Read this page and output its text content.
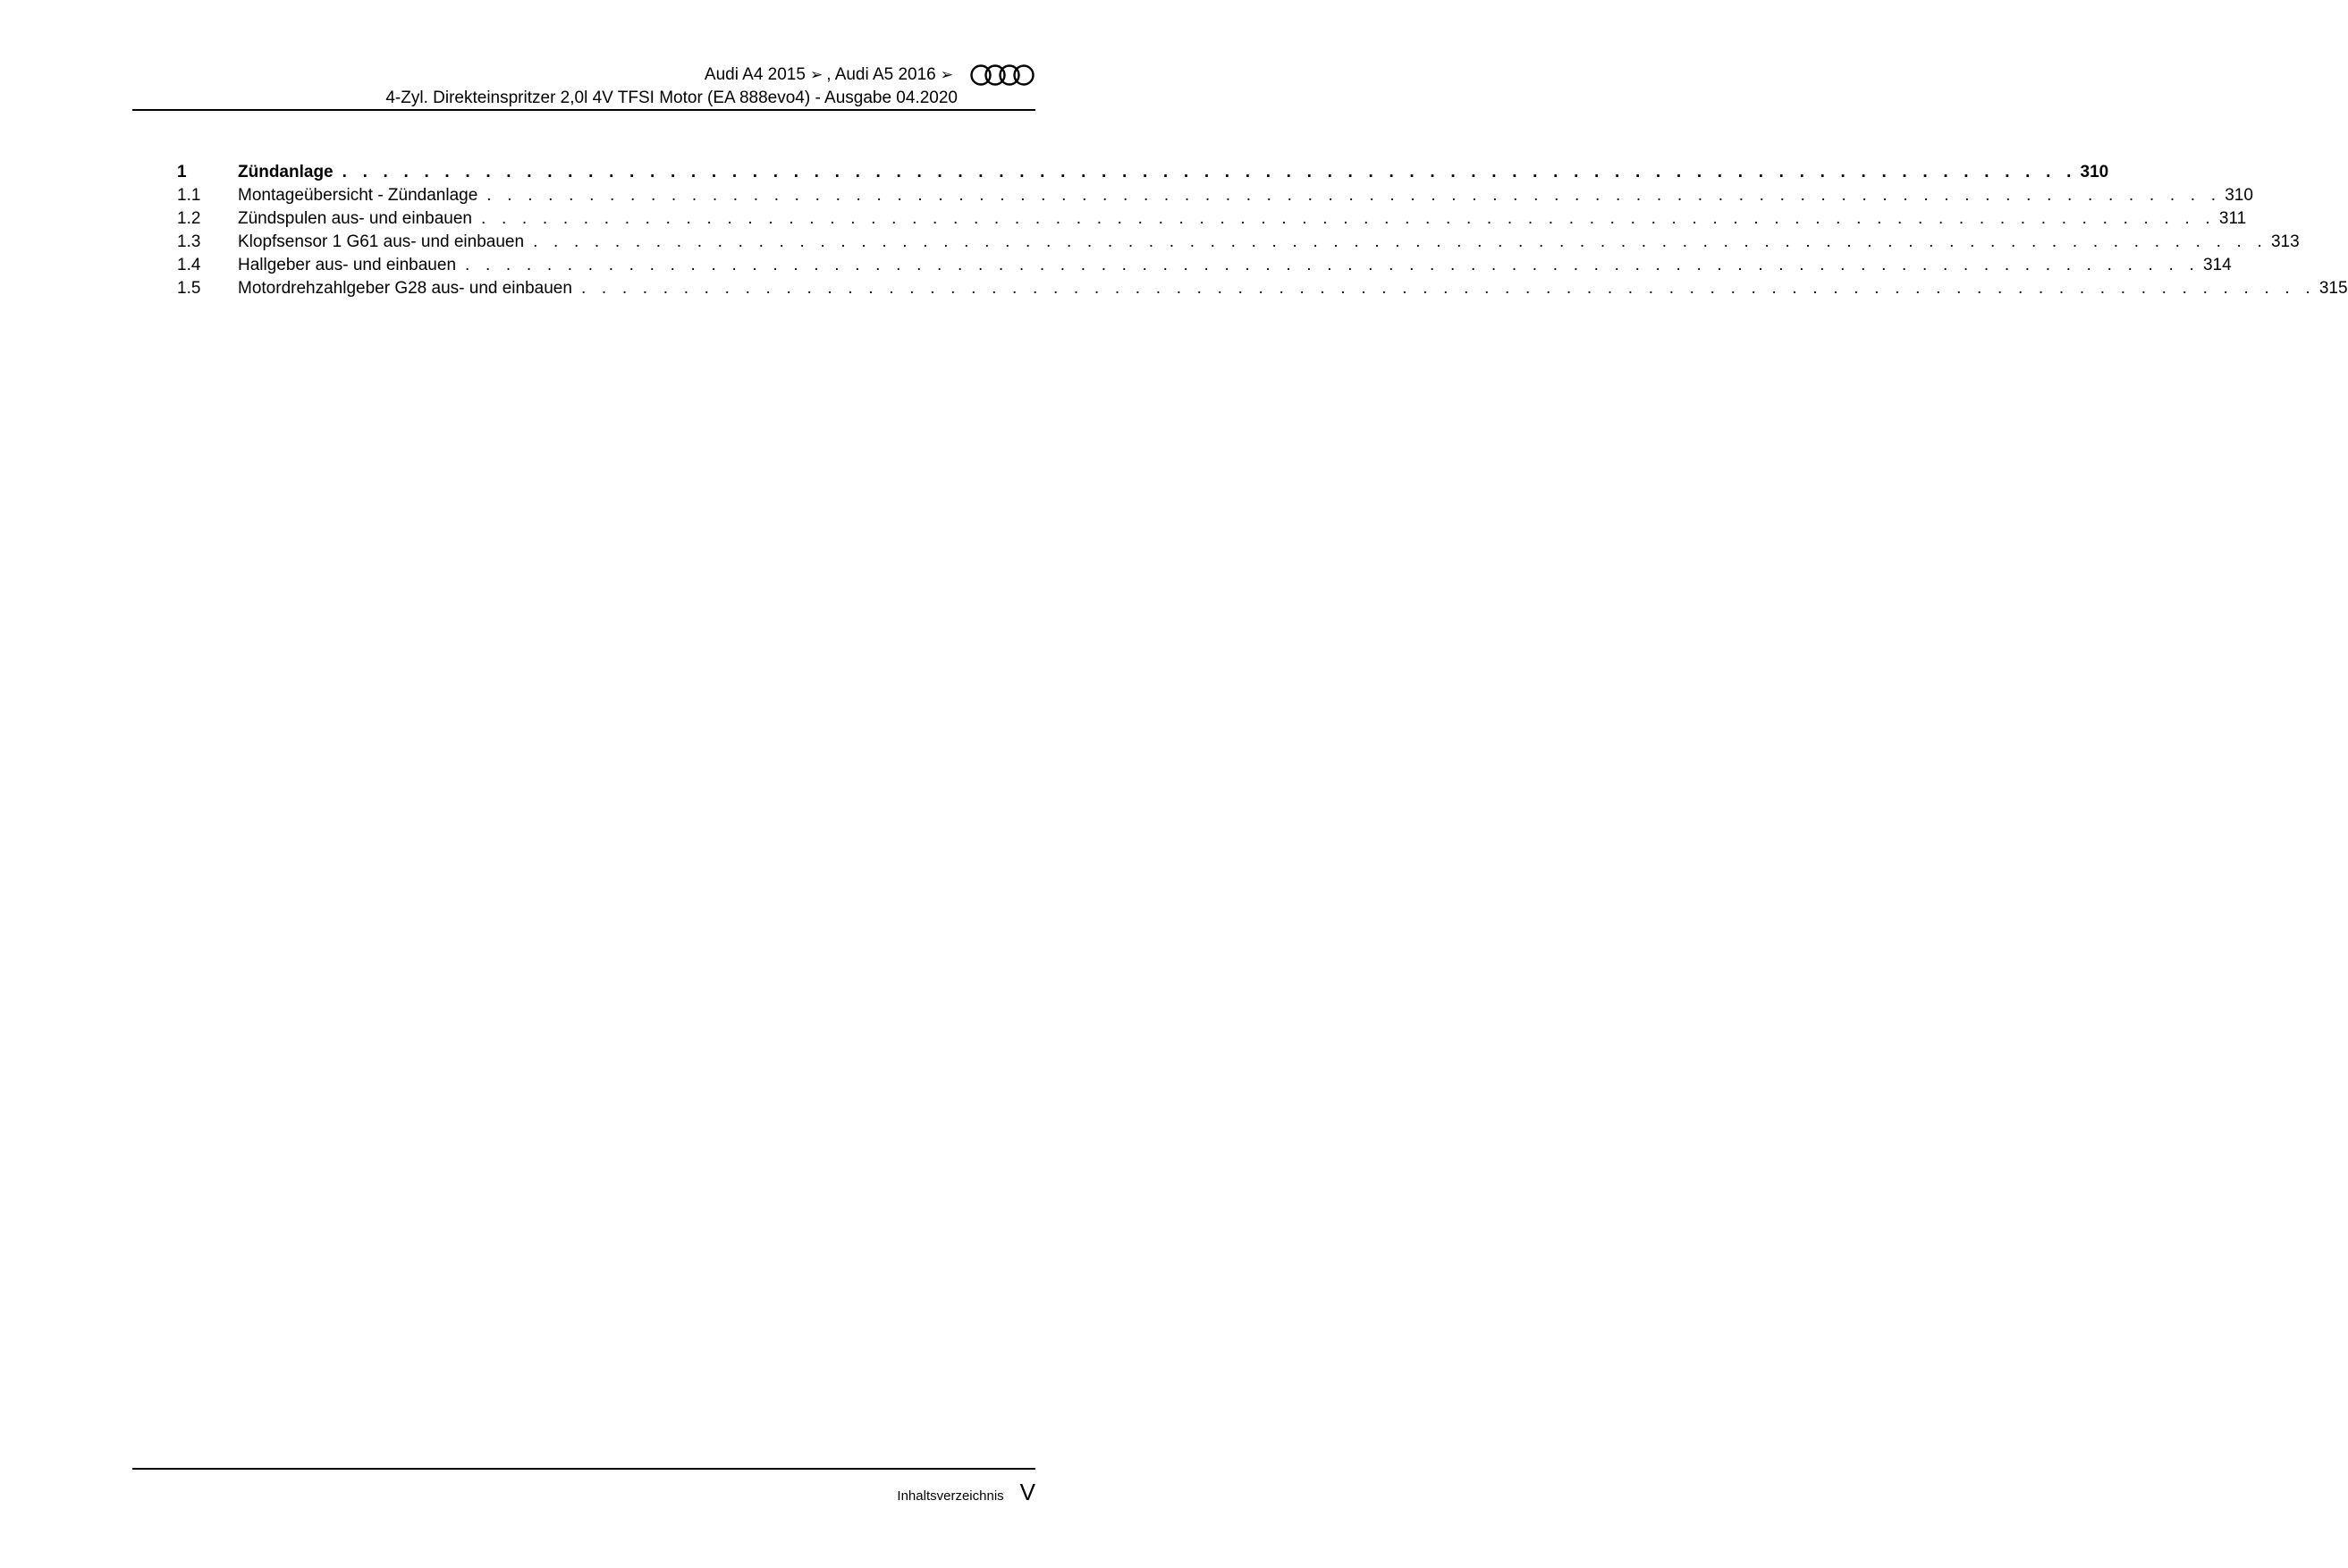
Audi A4 2015 ➢ , Audi A5 2016 ➢
4-Zyl. Direkteinspritzer 2,0l 4V TFSI Motor (EA 888evo4) - Ausgabe 04.2020
1	Zündanlage . . . . . . . . . . . . . . . . . . . . . . . . . . . . . . . . . . . . . . . . . . . . . . . . . . . . . . . . . . . . . . . . . . . . . . . . . . . . . . . . . . . . . 310
1.1	Montageübersicht - Zündanlage . . . . . . . . . . . . . . . . . . . . . . . . . . . . . . . . . . . . . . . . . . . . . . . . . . . . . . . . . . . . . . . . . . . . . . . . . . . . . . . . . . . . . 310
1.2	Zündspulen aus- und einbauen . . . . . . . . . . . . . . . . . . . . . . . . . . . . . . . . . . . . . . . . . . . . . . . . . . . . . . . . . . . . . . . . . . . . . . . . . . . . . . . . . . . . . 311
1.3	Klopfsensor 1 G61 aus- und einbauen . . . . . . . . . . . . . . . . . . . . . . . . . . . . . . . . . . . . . . . . . . . . . . . . . . . . . . . . . . . . . . . . . . . . . . . . . . . . . . . . . . . . . 313
1.4	Hallgeber aus- und einbauen . . . . . . . . . . . . . . . . . . . . . . . . . . . . . . . . . . . . . . . . . . . . . . . . . . . . . . . . . . . . . . . . . . . . . . . . . . . . . . . . . . . . . 314
1.5	Motordrehzahlgeber G28 aus- und einbauen . . . . . . . . . . . . . . . . . . . . . . . . . . . . . . . . . . . . . . . . . . . . . . . . . . . . . . . . . . . . . . . . . . . . . . . . . . . . . . . . . . . . . 315
Inhaltsverzeichnis V
